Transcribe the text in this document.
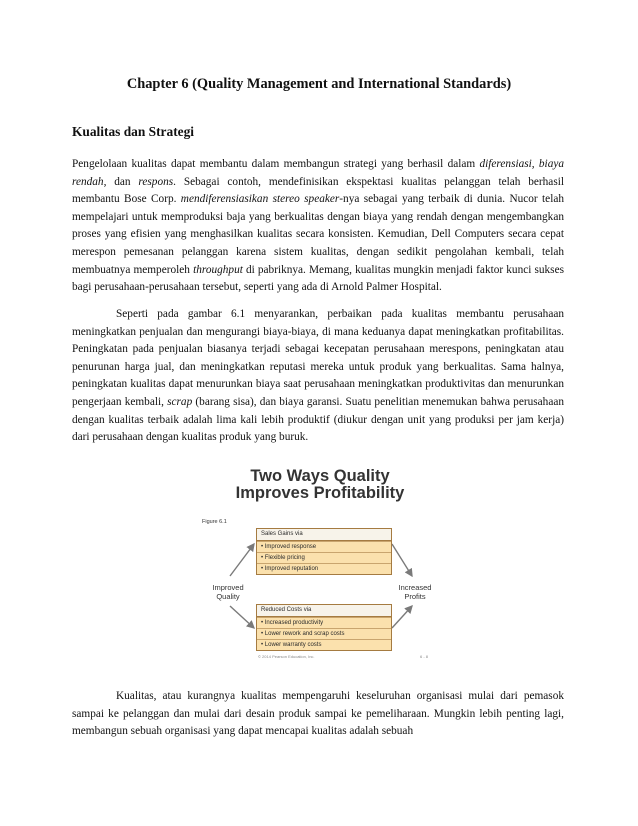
Chapter 6 (Quality Management and International Standards)
Kualitas dan Strategi

Pengelolaan kualitas dapat membantu dalam membangun strategi yang berhasil dalam diferensiasi, biaya rendah, dan respons. Sebagai contoh, mendefinisikan ekspektasi kualitas pelanggan telah berhasil membantu Bose Corp. mendiferensiasikan stereo speaker-nya sebagai yang terbaik di dunia. Nucor telah mempelajari untuk memproduksi baja yang berkualitas dengan biaya yang rendah dengan mengembangkan proses yang efisien yang menghasilkan kualitas secara konsisten. Kemudian, Dell Computers secara cepat merespon pemesanan pelanggan karena sistem kualitas, dengan sedikit pengolahan kembali, telah membuatnya memperoleh throughput di pabriknya. Memang, kualitas mungkin menjadi faktor kunci sukses bagi perusahaan-perusahaan tersebut, seperti yang ada di Arnold Palmer Hospital.

Seperti pada gambar 6.1 menyarankan, perbaikan pada kualitas membantu perusahaan meningkatkan penjualan dan mengurangi biaya-biaya, di mana keduanya dapat meningkatkan profitabilitas. Peningkatan pada penjualan biasanya terjadi sebagai kecepatan perusahaan merespons, peningkatan atau penurunan harga jual, dan meningkatkan reputasi mereka untuk produk yang berkualitas. Sama halnya, peningkatan kualitas dapat menurunkan biaya saat perusahaan meningkatkan produktivitas dan menurunkan pengerjaan kembali, scrap (barang sisa), dan biaya garansi. Suatu penelitian menemukan bahwa perusahaan dengan kualitas terbaik adalah lima kali lebih produktif (diukur dengan unit yang produksi per jam kerja) dari perusahaan dengan kualitas produk yang buruk.

Two Ways Quality
Improves Profitability
Figure 6.1
Sales Gains via
• Improved response
• Flexible pricing
• Improved reputation
Reduced Costs via
• Increased productivity
• Lower rework and scrap costs
• Lower warranty costs
Improved
Quality
Increased
Profits
© 2014 Pearson Education, Inc.	6 - 8

Kualitas, atau kurangnya kualitas mempengaruhi keseluruhan organisasi mulai dari pemasok sampai ke pelanggan dan mulai dari desain produk sampai ke pemeliharaan. Mungkin lebih penting lagi, membangun sebuah organisasi yang dapat mencapai kualitas adalah sebuah
